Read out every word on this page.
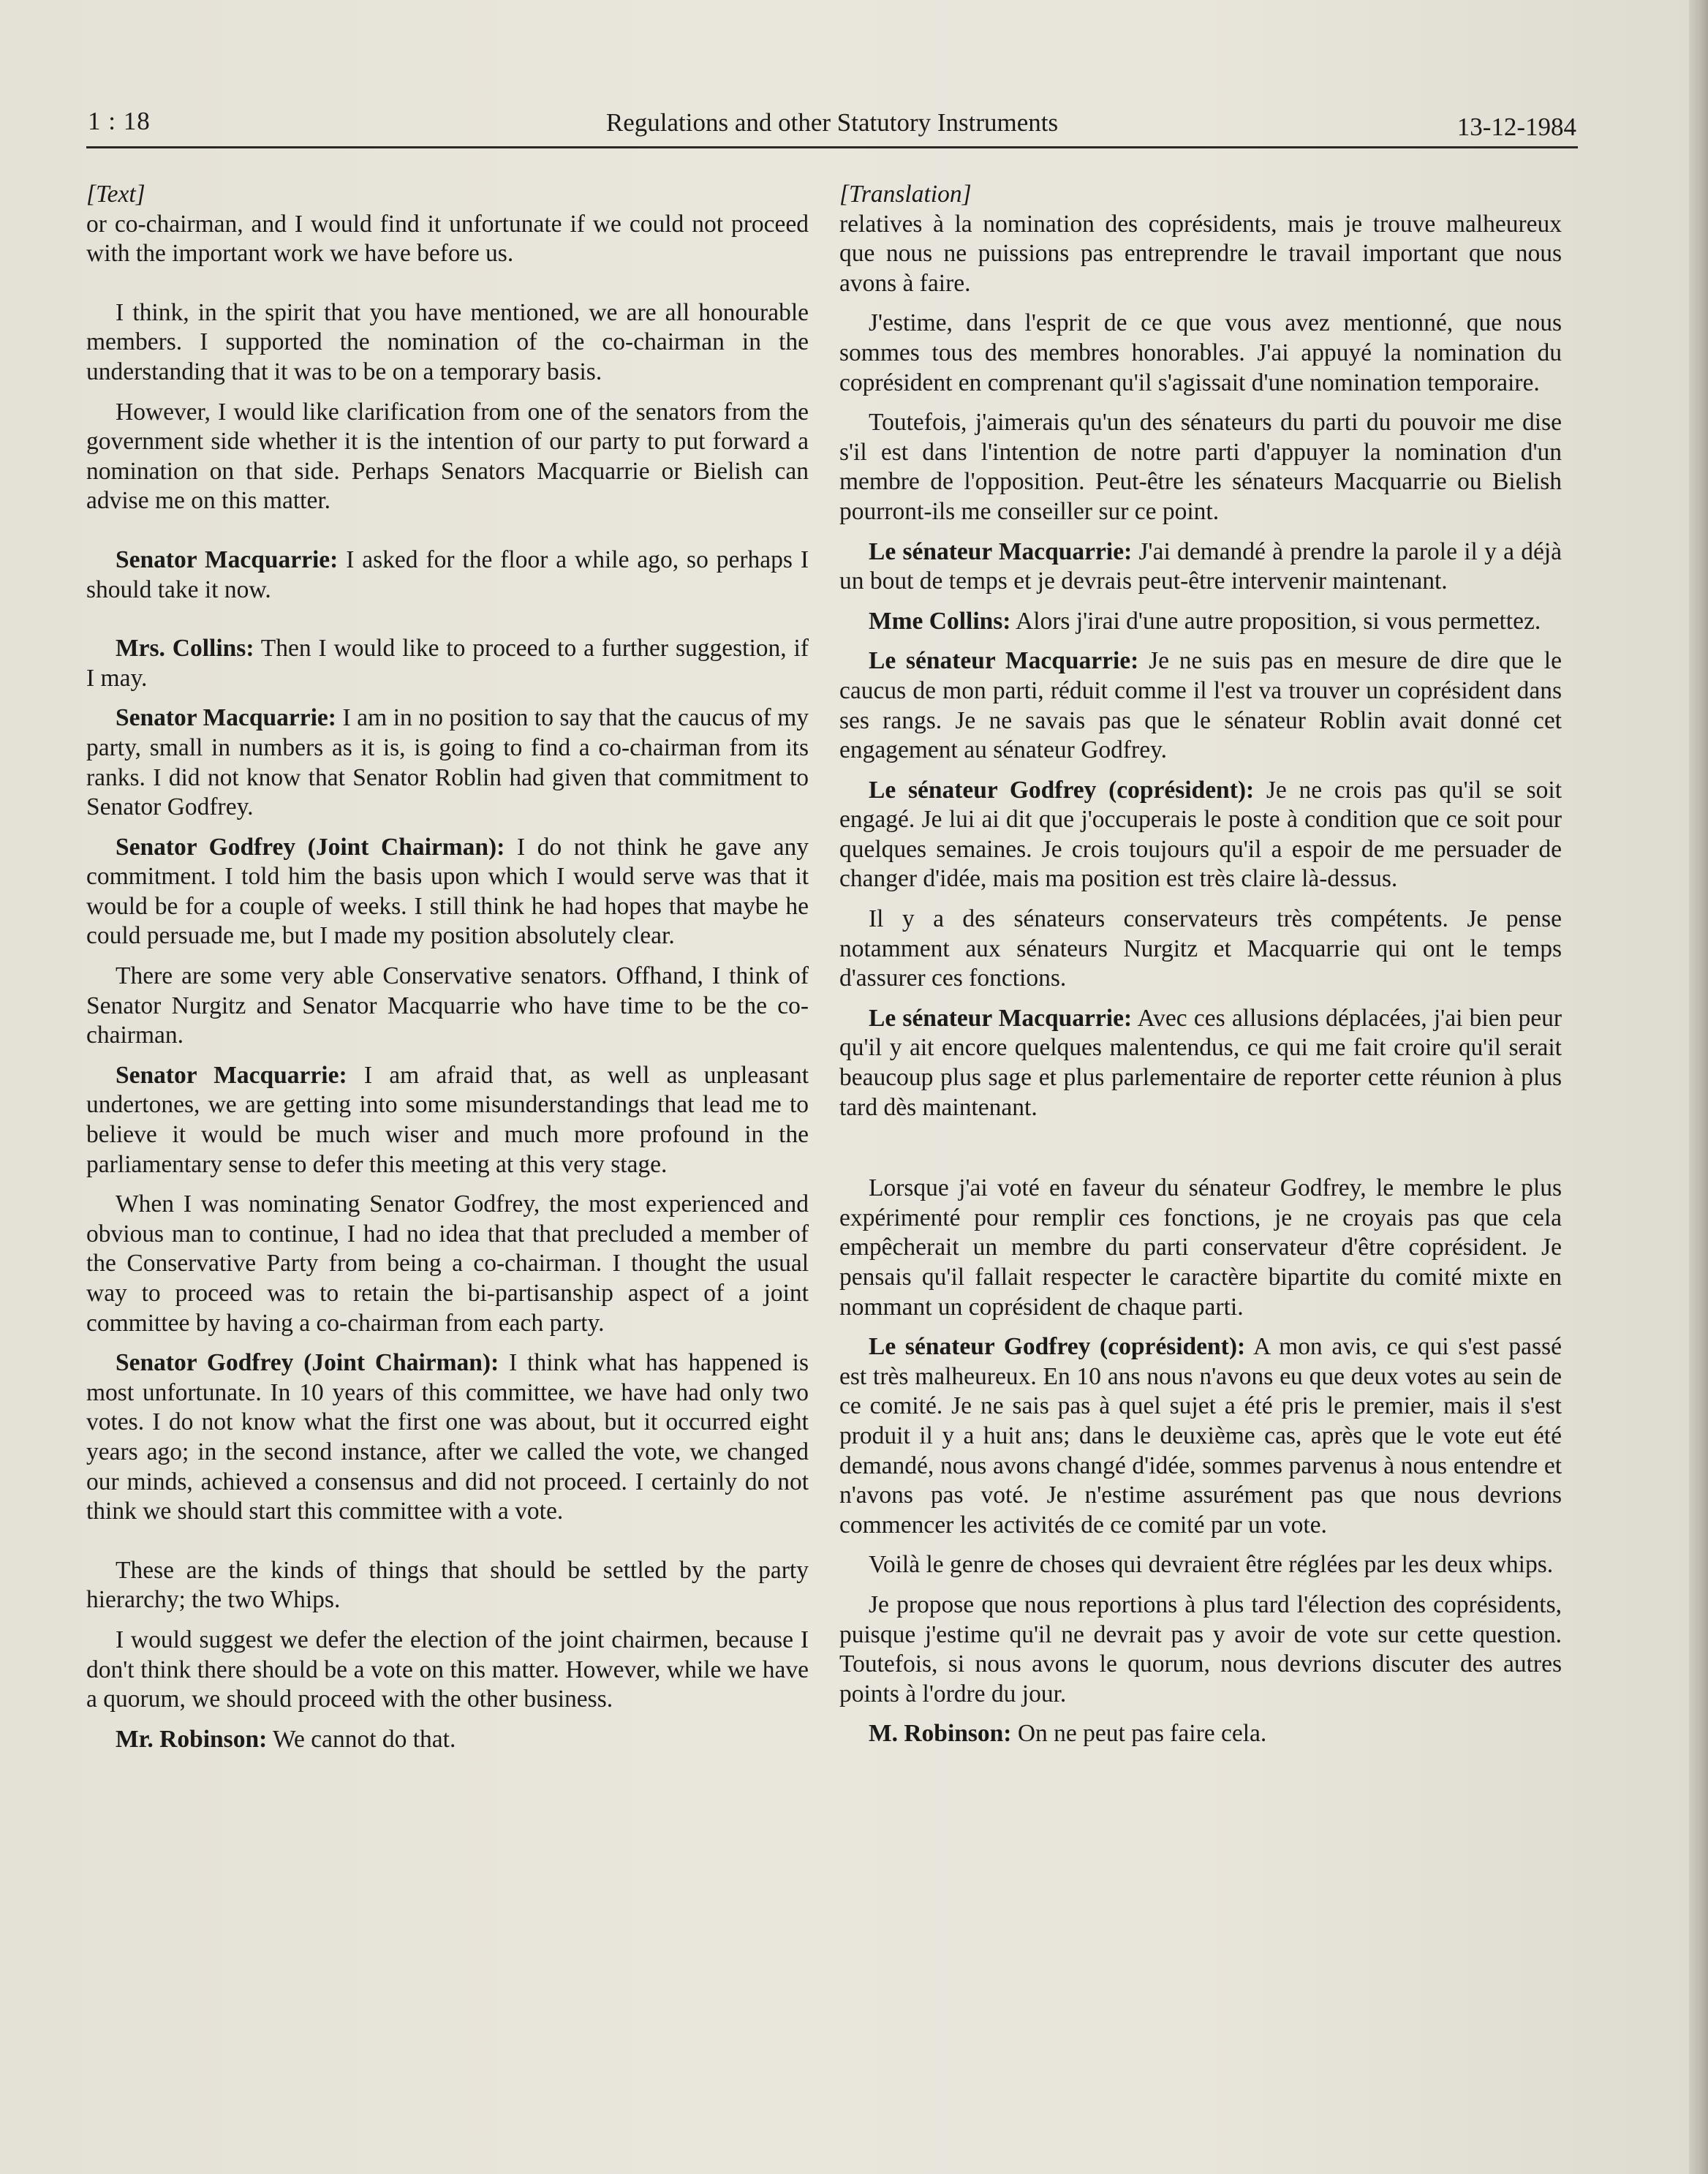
1 : 18	Regulations and other Statutory Instruments	13-12-1984

[Text]

or co-chairman, and I would find it unfortunate if we could not proceed with the important work we have before us.

I think, in the spirit that you have mentioned, we are all honourable members. I supported the nomination of the co-chairman in the understanding that it was to be on a temporary basis.

However, I would like clarification from one of the senators from the government side whether it is the intention of our party to put forward a nomination on that side. Perhaps Senators Macquarrie or Bielish can advise me on this matter.

Senator Macquarrie: I asked for the floor a while ago, so perhaps I should take it now.

Mrs. Collins: Then I would like to proceed to a further suggestion, if I may.

Senator Macquarrie: I am in no position to say that the caucus of my party, small in numbers as it is, is going to find a co-chairman from its ranks. I did not know that Senator Roblin had given that commitment to Senator Godfrey.

Senator Godfrey (Joint Chairman): I do not think he gave any commitment. I told him the basis upon which I would serve was that it would be for a couple of weeks. I still think he had hopes that maybe he could persuade me, but I made my position absolutely clear.

There are some very able Conservative senators. Offhand, I think of Senator Nurgitz and Senator Macquarrie who have time to be the co-chairman.

Senator Macquarrie: I am afraid that, as well as unpleasant undertones, we are getting into some misunderstandings that lead me to believe it would be much wiser and much more profound in the parliamentary sense to defer this meeting at this very stage.

When I was nominating Senator Godfrey, the most experienced and obvious man to continue, I had no idea that that precluded a member of the Conservative Party from being a co-chairman. I thought the usual way to proceed was to retain the bi-partisanship aspect of a joint committee by having a co-chairman from each party.

Senator Godfrey (Joint Chairman): I think what has happened is most unfortunate. In 10 years of this committee, we have had only two votes. I do not know what the first one was about, but it occurred eight years ago; in the second instance, after we called the vote, we changed our minds, achieved a consensus and did not proceed. I certainly do not think we should start this committee with a vote.

These are the kinds of things that should be settled by the party hierarchy; the two Whips.

I would suggest we defer the election of the joint chairmen, because I don't think there should be a vote on this matter. However, while we have a quorum, we should proceed with the other business.

Mr. Robinson: We cannot do that.

[Translation]

relatives à la nomination des coprésidents, mais je trouve malheureux que nous ne puissions pas entreprendre le travail important que nous avons à faire.

J'estime, dans l'esprit de ce que vous avez mentionné, que nous sommes tous des membres honorables. J'ai appuyé la nomination du coprésident en comprenant qu'il s'agissait d'une nomination temporaire.

Toutefois, j'aimerais qu'un des sénateurs du parti du pouvoir me dise s'il est dans l'intention de notre parti d'appuyer la nomination d'un membre de l'opposition. Peut-être les sénateurs Macquarrie ou Bielish pourront-ils me conseiller sur ce point.

Le sénateur Macquarrie: J'ai demandé à prendre la parole il y a déjà un bout de temps et je devrais peut-être intervenir maintenant.

Mme Collins: Alors j'irai d'une autre proposition, si vous permettez.

Le sénateur Macquarrie: Je ne suis pas en mesure de dire que le caucus de mon parti, réduit comme il l'est va trouver un coprésident dans ses rangs. Je ne savais pas que le sénateur Roblin avait donné cet engagement au sénateur Godfrey.

Le sénateur Godfrey (coprésident): Je ne crois pas qu'il se soit engagé. Je lui ai dit que j'occuperais le poste à condition que ce soit pour quelques semaines. Je crois toujours qu'il a espoir de me persuader de changer d'idée, mais ma position est très claire là-dessus.

Il y a des sénateurs conservateurs très compétents. Je pense notamment aux sénateurs Nurgitz et Macquarrie qui ont le temps d'assurer ces fonctions.

Le sénateur Macquarrie: Avec ces allusions déplacées, j'ai bien peur qu'il y ait encore quelques malentendus, ce qui me fait croire qu'il serait beaucoup plus sage et plus parlementaire de reporter cette réunion à plus tard dès maintenant.

Lorsque j'ai voté en faveur du sénateur Godfrey, le membre le plus expérimenté pour remplir ces fonctions, je ne croyais pas que cela empêcherait un membre du parti conservateur d'être coprésident. Je pensais qu'il fallait respecter le caractère bipartite du comité mixte en nommant un coprésident de chaque parti.

Le sénateur Godfrey (coprésident): A mon avis, ce qui s'est passé est très malheureux. En 10 ans nous n'avons eu que deux votes au sein de ce comité. Je ne sais pas à quel sujet a été pris le premier, mais il s'est produit il y a huit ans; dans le deuxième cas, après que le vote eut été demandé, nous avons changé d'idée, sommes parvenus à nous entendre et n'avons pas voté. Je n'estime assurément pas que nous devrions commencer les activités de ce comité par un vote.

Voilà le genre de choses qui devraient être réglées par les deux whips.

Je propose que nous reportions à plus tard l'élection des coprésidents, puisque j'estime qu'il ne devrait pas y avoir de vote sur cette question. Toutefois, si nous avons le quorum, nous devrions discuter des autres points à l'ordre du jour.

M. Robinson: On ne peut pas faire cela.
